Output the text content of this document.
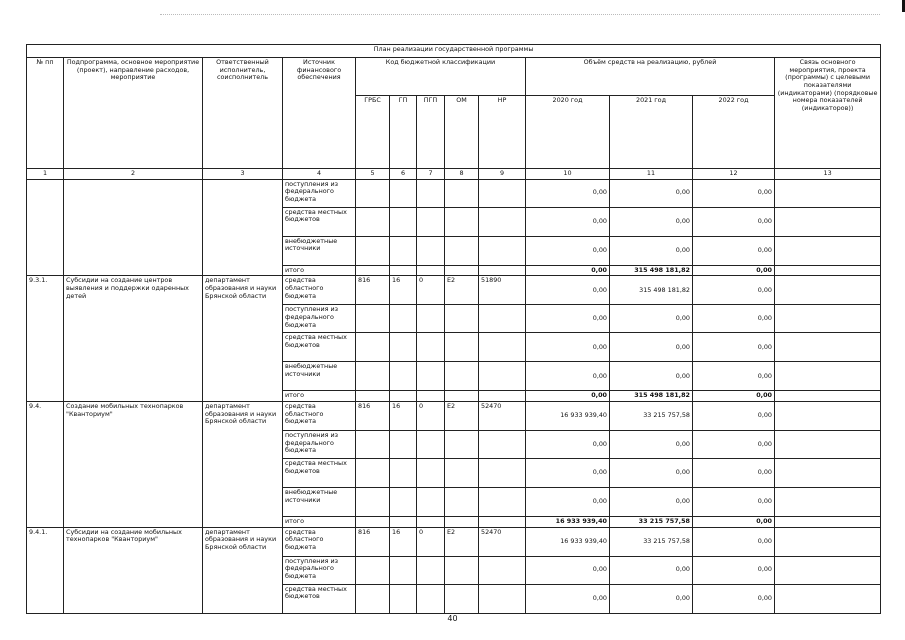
План реализации государственной программы												
№ пп	Подпрограмма, основное мероприятие (проект), направление расходов, мероприятие	Ответственный исполнитель, соисполнитель	Источник финансового обеспечения	Код бюджетной классификации					Объём средств на реализацию, рублей			Связь основного мероприятия, проекта (программы) с целевыми показателями (индикаторами) (порядковые номера показателей (индикаторов))
				ГРБС	ГП	ПГП	ОМ	НР	2020 год	2021 год	2022 год	
1	2	3	4	5	6	7	8	9	10	11	12	13
			поступления из федерального бюджета						0,00	0,00	0,00	
			средства местных бюджетов						0,00	0,00	0,00	
			внебюджетные источники						0,00	0,00	0,00	
			итого						0,00	315 498 181,82	0,00	
9.3.1.	Субсидии на создание центров выявления и поддержки одаренных детей	департамент образования и науки Брянской области	средства областного бюджета	816	16	0	Е2	51890	0,00	315 498 181,82	0,00	
			поступления из федерального бюджета						0,00	0,00	0,00	
			средства местных бюджетов						0,00	0,00	0,00	
			внебюджетные источники						0,00	0,00	0,00	
			итого						0,00	315 498 181,82	0,00	
9.4.	Создание мобильных технопарков "Кванториум"	департамент образования и науки Брянской области	средства областного бюджета	816	16	0	Е2	52470	16 933 939,40	33 215 757,58	0,00	
			поступления из федерального бюджета						0,00	0,00	0,00	
			средства местных бюджетов						0,00	0,00	0,00	
			внебюджетные источники						0,00	0,00	0,00	
			итого						16 933 939,40	33 215 757,58	0,00	
9.4.1.	Субсидии на создание мобильных технопарков "Кванториум"	департамент образования и науки Брянской области	средства областного бюджета	816	16	0	Е2	52470	16 933 939,40	33 215 757,58	0,00	
			поступления из федерального бюджета						0,00	0,00	0,00	
			средства местных бюджетов						0,00	0,00	0,00	
40
